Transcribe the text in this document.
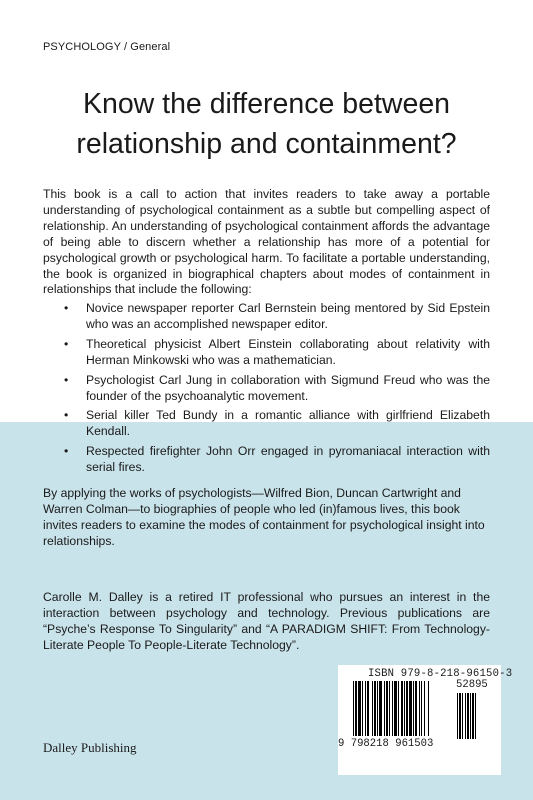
PSYCHOLOGY / General
Know the difference between relationship and containment?

This book is a call to action that invites readers to take away a portable understanding of psychological containment as a subtle but compelling aspect of relationship. An understanding of psychological containment affords the advantage of being able to discern whether a relationship has more of a potential for psychological growth or psychological harm. To facilitate a portable understanding, the book is organized in biographical chapters about modes of containment in relationships that include the following:

• Novice newspaper reporter Carl Bernstein being mentored by Sid Epstein who was an accomplished newspaper editor.
• Theoretical physicist Albert Einstein collaborating about relativity with Herman Minkowski who was a mathematician.
• Psychologist Carl Jung in collaboration with Sigmund Freud who was the founder of the psychoanalytic movement.
• Serial killer Ted Bundy in a romantic alliance with girlfriend Elizabeth Kendall.
• Respected firefighter John Orr engaged in pyromaniacal interaction with serial fires.

By applying the works of psychologists—Wilfred Bion, Duncan Cartwright and Warren Colman—to biographies of people who led (in)famous lives, this book invites readers to examine the modes of containment for psychological insight into relationships.

Carolle M. Dalley is a retired IT professional who pursues an interest in the interaction between psychology and technology. Previous publications are “Psyche’s Response To Singularity” and “A PARADIGM SHIFT: From Technology-Literate People To People-Literate Technology”.

Dalley Publishing
ISBN 979-8-218-96150-3
52895
9 798218 961503
